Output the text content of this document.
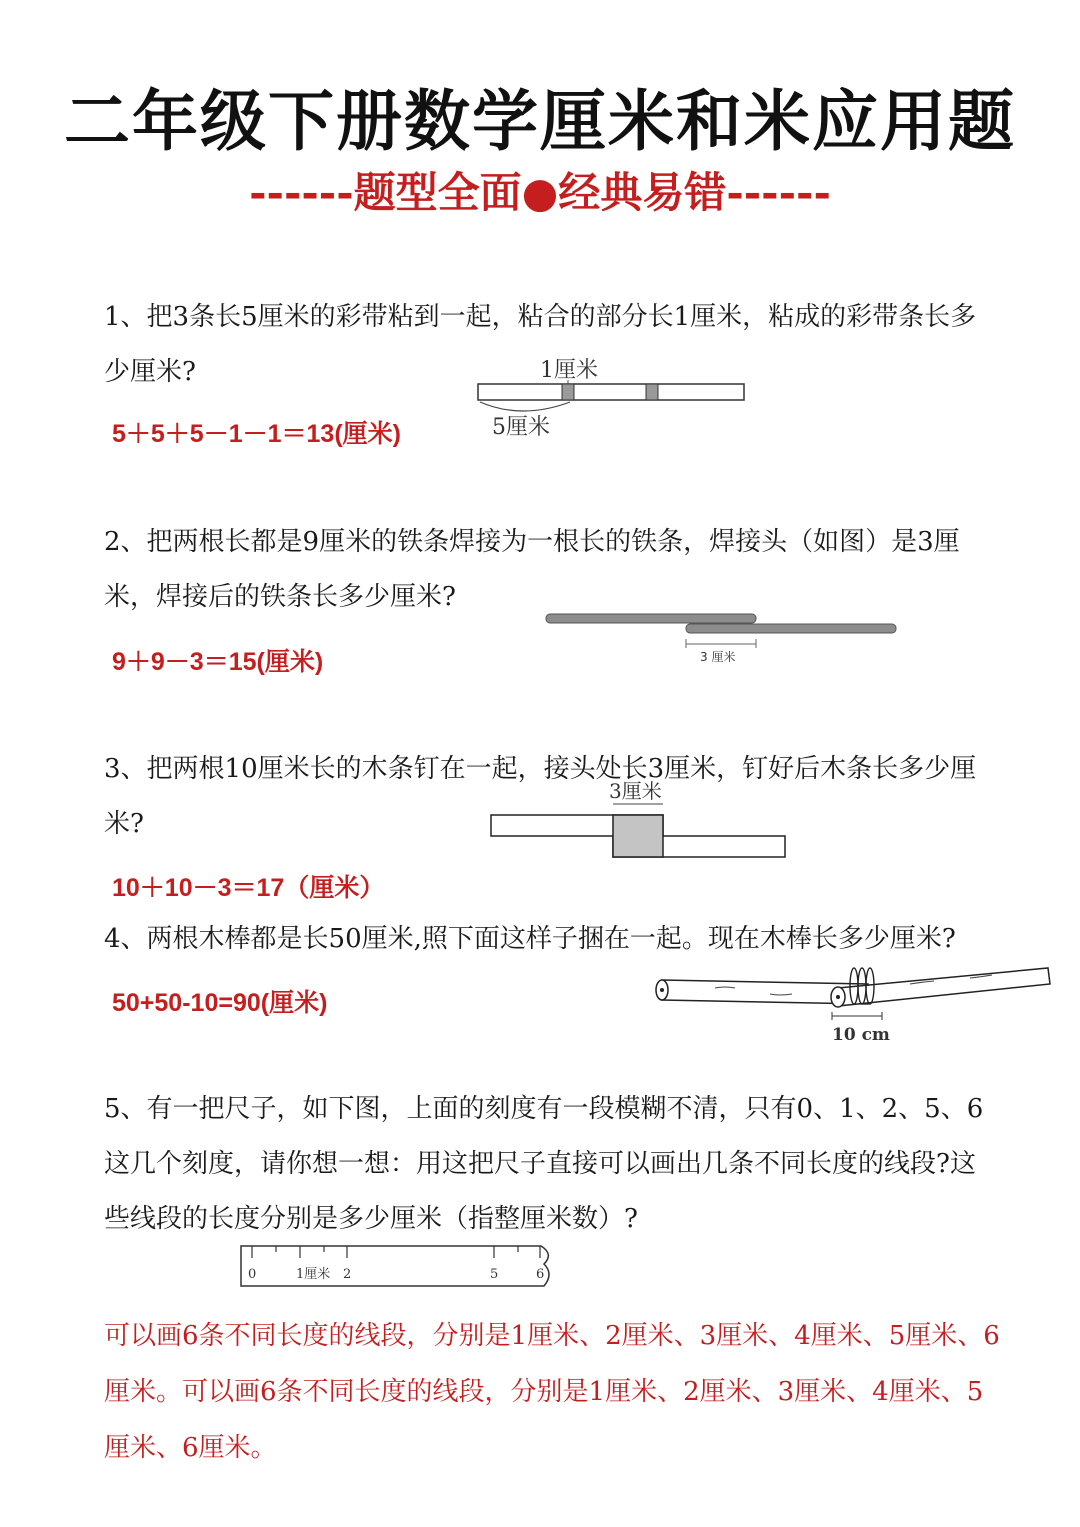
二年级下册数学厘米和米应用题
------题型全面●经典易错------
1、把3条长5厘米的彩带粘到一起，粘合的部分长1厘米，粘成的彩带条长多少厘米?
5＋5＋5－1－1＝13(厘米)
1厘米
5厘米
2、把两根长都是9厘米的铁条焊接为一根长的铁条，焊接头（如图）是3厘米，焊接后的铁条长多少厘米?
9＋9－3＝15(厘米)	3 厘米
3、把两根10厘米长的木条钉在一起，接头处长3厘米，钉好后木条长多少厘米?
10＋10－3＝17（厘米）
3厘米
4、两根木棒都是长50厘米,照下面这样子捆在一起。现在木棒长多少厘米?
50+50-10=90(厘米)
10 cm
5、有一把尺子，如下图，上面的刻度有一段模糊不清，只有0、1、2、5、6这几个刻度，请你想一想：用这把尺子直接可以画出几条不同长度的线段?这些线段的长度分别是多少厘米（指整厘米数）?
0	1厘米 2	5	6
可以画6条不同长度的线段，分别是1厘米、2厘米、3厘米、4厘米、5厘米、6厘米。可以画6条不同长度的线段，分别是1厘米、2厘米、3厘米、4厘米、5厘米、6厘米。
